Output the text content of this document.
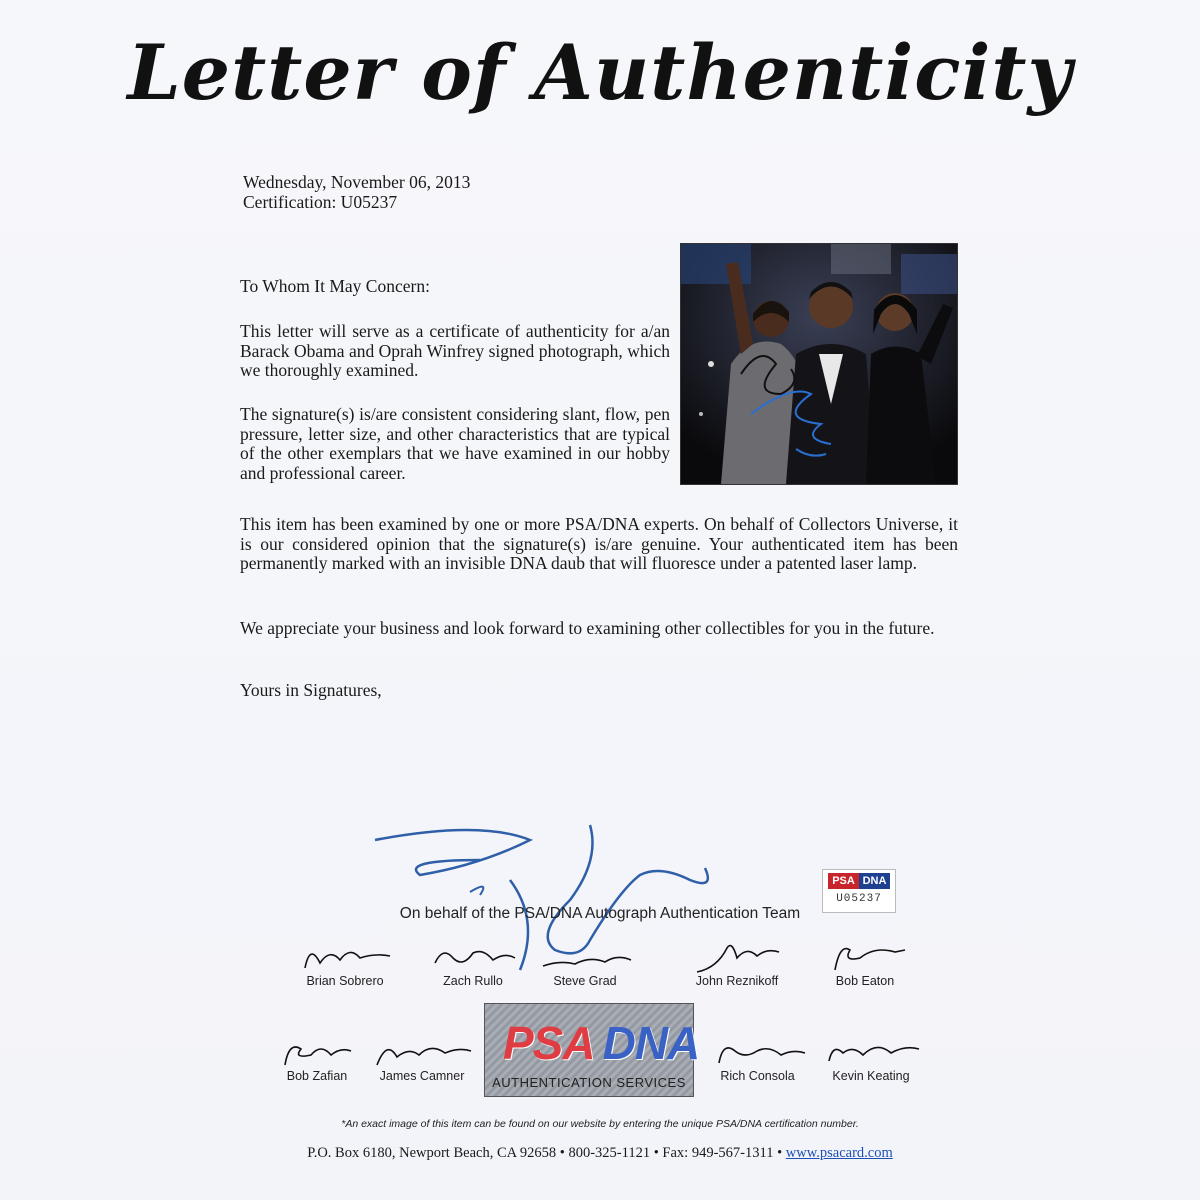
Letter of Authenticity
Wednesday, November 06, 2013
Certification: U05237
To Whom It May Concern:
This letter will serve as a certificate of authenticity for a/an Barack Obama and Oprah Winfrey signed photograph, which we thoroughly examined.
The signature(s) is/are consistent considering slant, flow, pen pressure, letter size, and other characteristics that are typical of the other exemplars that we have examined in our hobby and professional career.
This item has been examined by one or more PSA/DNA experts. On behalf of Collectors Universe, it is our considered opinion that the signature(s) is/are genuine. Your authenticated item has been permanently marked with an invisible DNA daub that will fluoresce under a patented laser lamp.
We appreciate your business and look forward to examining other collectibles for you in the future.
Yours in Signatures,
On behalf of the PSA/DNA Autograph Authentication Team
PSA DNA
U05237
Brian Sobrero	Zach Rullo	Steve Grad	John Reznikoff	Bob Eaton
Bob Zafian	James Camner	Rich Consola	Kevin Keating
PSA DNA
AUTHENTICATION SERVICES
*An exact image of this item can be found on our website by entering the unique PSA/DNA certification number.
P.O. Box 6180, Newport Beach, CA 92658 • 800-325-1121 • Fax: 949-567-1311 • www.psacard.com
